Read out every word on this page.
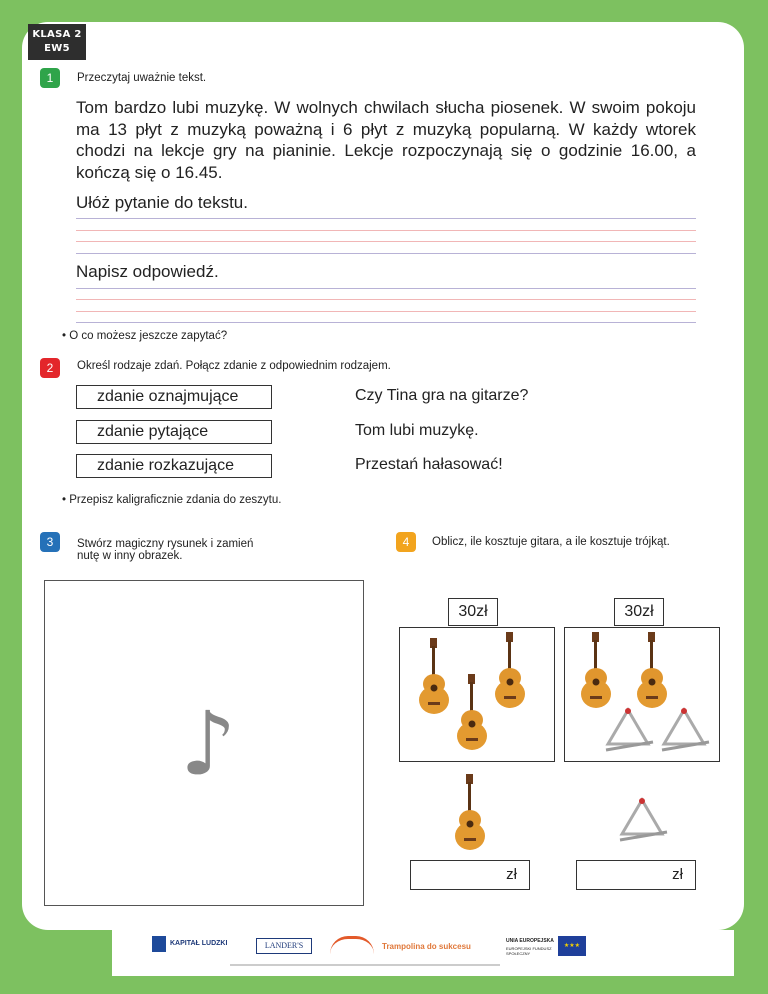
KLASA 2
EW5
1	Przeczytaj uważnie tekst.
Tom bardzo lubi muzykę. W wolnych chwilach słucha piosenek. W swoim pokoju ma 13 płyt z muzyką poważną i 6 płyt z muzyką popularną. W każdy wtorek chodzi na lekcje gry na pianinie. Lekcje rozpoczynają się o godzinie 16.00, a kończą się o 16.45.
Ułóż pytanie do tekstu.
Napisz odpowiedź.
• O co możesz jeszcze zapytać?
2	Określ rodzaje zdań. Połącz zdanie z odpowiednim rodzajem.
zdanie oznajmujące
zdanie pytające
zdanie rozkazujące
Czy Tina gra na gitarze?
Tom lubi muzykę.
Przestań hałasować!
• Przepisz kaligraficznie zdania do zeszytu.
3	Stwórz magiczny rysunek i zamień
nutę w inny obrazek.
♪
4	Oblicz, ile kosztuje gitara, a ile kosztuje trójkąt.
30zł	30zł
zł	zł
KAPITAŁ LUDZKI	LANDER'S	Trampolina do sukcesu
UNIA EUROPEJSKA
EUROPEJSKI FUNDUSZ SPOŁECZNY
★★★
